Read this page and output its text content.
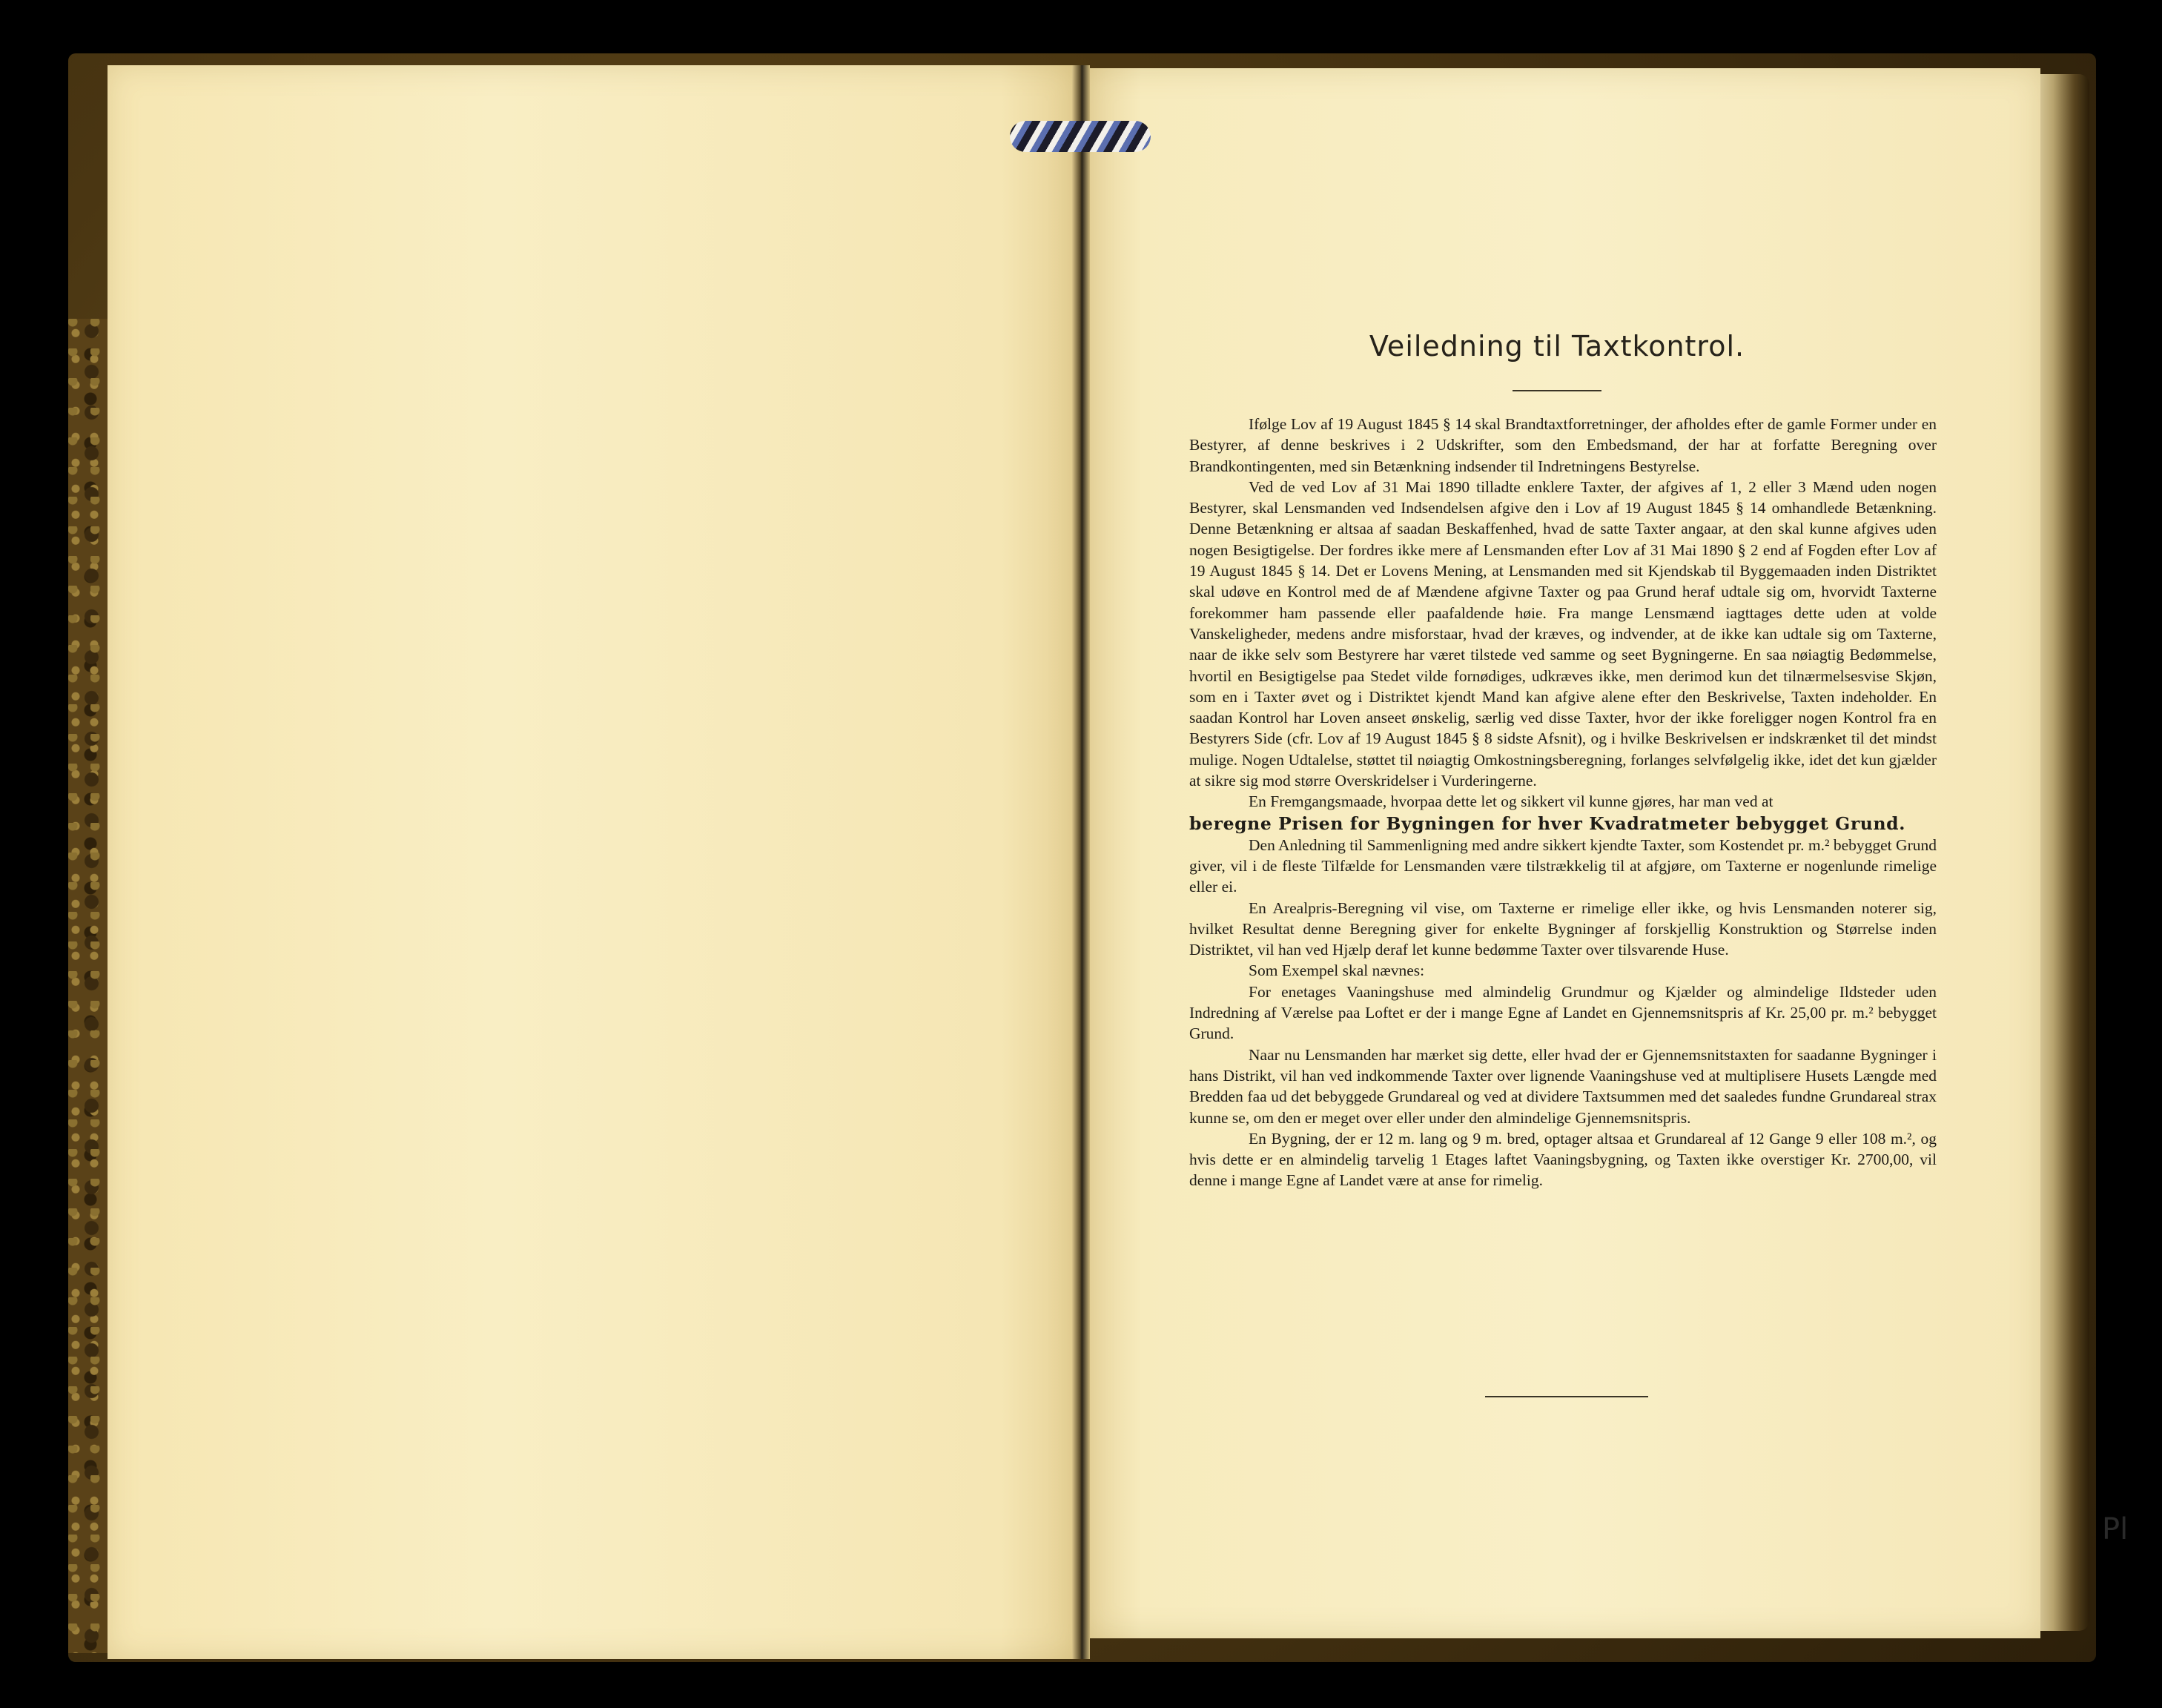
Veiledning til Taxtkontrol.

Ifølge Lov af 19 August 1845 § 14 skal Brandtaxtforretninger, der afholdes efter de gamle Former under en Bestyrer, af denne beskrives i 2 Udskrifter, som den Embedsmand, der har at forfatte Beregning over Brandkontingenten, med sin Betænkning indsender til Indretningens Bestyrelse.

Ved de ved Lov af 31 Mai 1890 tilladte enklere Taxter, der afgives af 1, 2 eller 3 Mænd uden nogen Bestyrer, skal Lensmanden ved Indsendelsen afgive den i Lov af 19 August 1845 § 14 omhandlede Betænkning. Denne Betænkning er altsaa af saadan Beskaffenhed, hvad de satte Taxter angaar, at den skal kunne afgives uden nogen Besigtigelse. Der fordres ikke mere af Lensmanden efter Lov af 31 Mai 1890 § 2 end af Fogden efter Lov af 19 August 1845 § 14. Det er Lovens Mening, at Lensmanden med sit Kjendskab til Byggemaaden inden Distriktet skal udøve en Kontrol med de af Mændene afgivne Taxter og paa Grund heraf udtale sig om, hvorvidt Taxterne forekommer ham passende eller paafaldende høie. Fra mange Lensmænd iagttages dette uden at volde Vanskeligheder, medens andre misforstaar, hvad der kræves, og indvender, at de ikke kan udtale sig om Taxterne, naar de ikke selv som Bestyrere har været tilstede ved samme og seet Bygningerne. En saa nøiagtig Bedømmelse, hvortil en Besigtigelse paa Stedet vilde fornødiges, udkræves ikke, men derimod kun det tilnærmelsesvise Skjøn, som en i Taxter øvet og i Distriktet kjendt Mand kan afgive alene efter den Beskrivelse, Taxten indeholder. En saadan Kontrol har Loven anseet ønskelig, særlig ved disse Taxter, hvor der ikke foreligger nogen Kontrol fra en Bestyrers Side (cfr. Lov af 19 August 1845 § 8 sidste Afsnit), og i hvilke Beskrivelsen er indskrænket til det mindst mulige. Nogen Udtalelse, støttet til nøiagtig Omkostningsberegning, forlanges selvfølgelig ikke, idet det kun gjælder at sikre sig mod større Overskridelser i Vurderingerne.

En Fremgangsmaade, hvorpaa dette let og sikkert vil kunne gjøres, har man ved at

beregne Prisen for Bygningen for hver Kvadratmeter bebygget Grund.

Den Anledning til Sammenligning med andre sikkert kjendte Taxter, som Kostendet pr. m.² bebygget Grund giver, vil i de fleste Tilfælde for Lensmanden være tilstrækkelig til at afgjøre, om Taxterne er nogenlunde rimelige eller ei.

En Arealpris-Beregning vil vise, om Taxterne er rimelige eller ikke, og hvis Lensmanden noterer sig, hvilket Resultat denne Beregning giver for enkelte Bygninger af forskjellig Konstruktion og Størrelse inden Distriktet, vil han ved Hjælp deraf let kunne bedømme Taxter over tilsvarende Huse.

Som Exempel skal nævnes:

For enetages Vaaningshuse med almindelig Grundmur og Kjælder og almindelige Ildsteder uden Indredning af Værelse paa Loftet er der i mange Egne af Landet en Gjennemsnitspris af Kr. 25,00 pr. m.² bebygget Grund.

Naar nu Lensmanden har mærket sig dette, eller hvad der er Gjennemsnitstaxten for saadanne Bygninger i hans Distrikt, vil han ved indkommende Taxter over lignende Vaaningshuse ved at multiplisere Husets Længde med Bredden faa ud det bebyggede Grundareal og ved at dividere Taxtsummen med det saaledes fundne Grundareal strax kunne se, om den er meget over eller under den almindelige Gjennemsnitspris.

En Bygning, der er 12 m. lang og 9 m. bred, optager altsaa et Grundareal af 12 Gange 9 eller 108 m.², og hvis dette er en almindelig tarvelig 1 Etages laftet Vaaningsbygning, og Taxten ikke overstiger Kr. 2700,00, vil denne i mange Egne af Landet være at anse for rimelig.

Pl
